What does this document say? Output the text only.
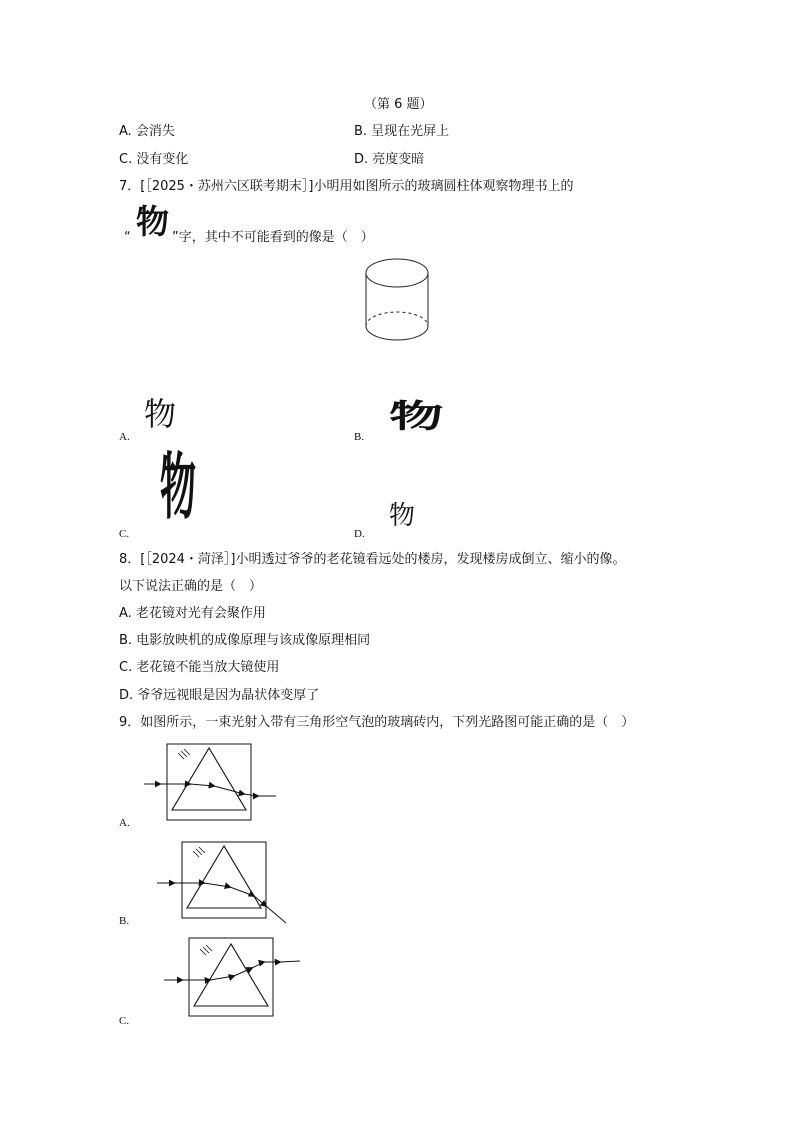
（第 6 题）
A. 会消失	B. 呈现在光屏上
C. 没有变化	D. 亮度变暗
7．[［2025・苏州六区联考期末］]小明用如图所示的玻璃圆柱体观察物理书上的
“ 物 ”字，其中不可能看到的像是（　）
A.
物
B.
物
C.
物
D.
物
8．[［2024・菏泽］]小明透过爷爷的老花镜看远处的楼房，发现楼房成倒立、缩小的像。
以下说法正确的是（　）
A. 老花镜对光有会聚作用
B. 电影放映机的成像原理与该成像原理相同
C. 老花镜不能当放大镜使用
D. 爷爷远视眼是因为晶状体变厚了
9．如图所示，一束光射入带有三角形空气泡的玻璃砖内，下列光路图可能正确的是（　）
A.
B.
C.
